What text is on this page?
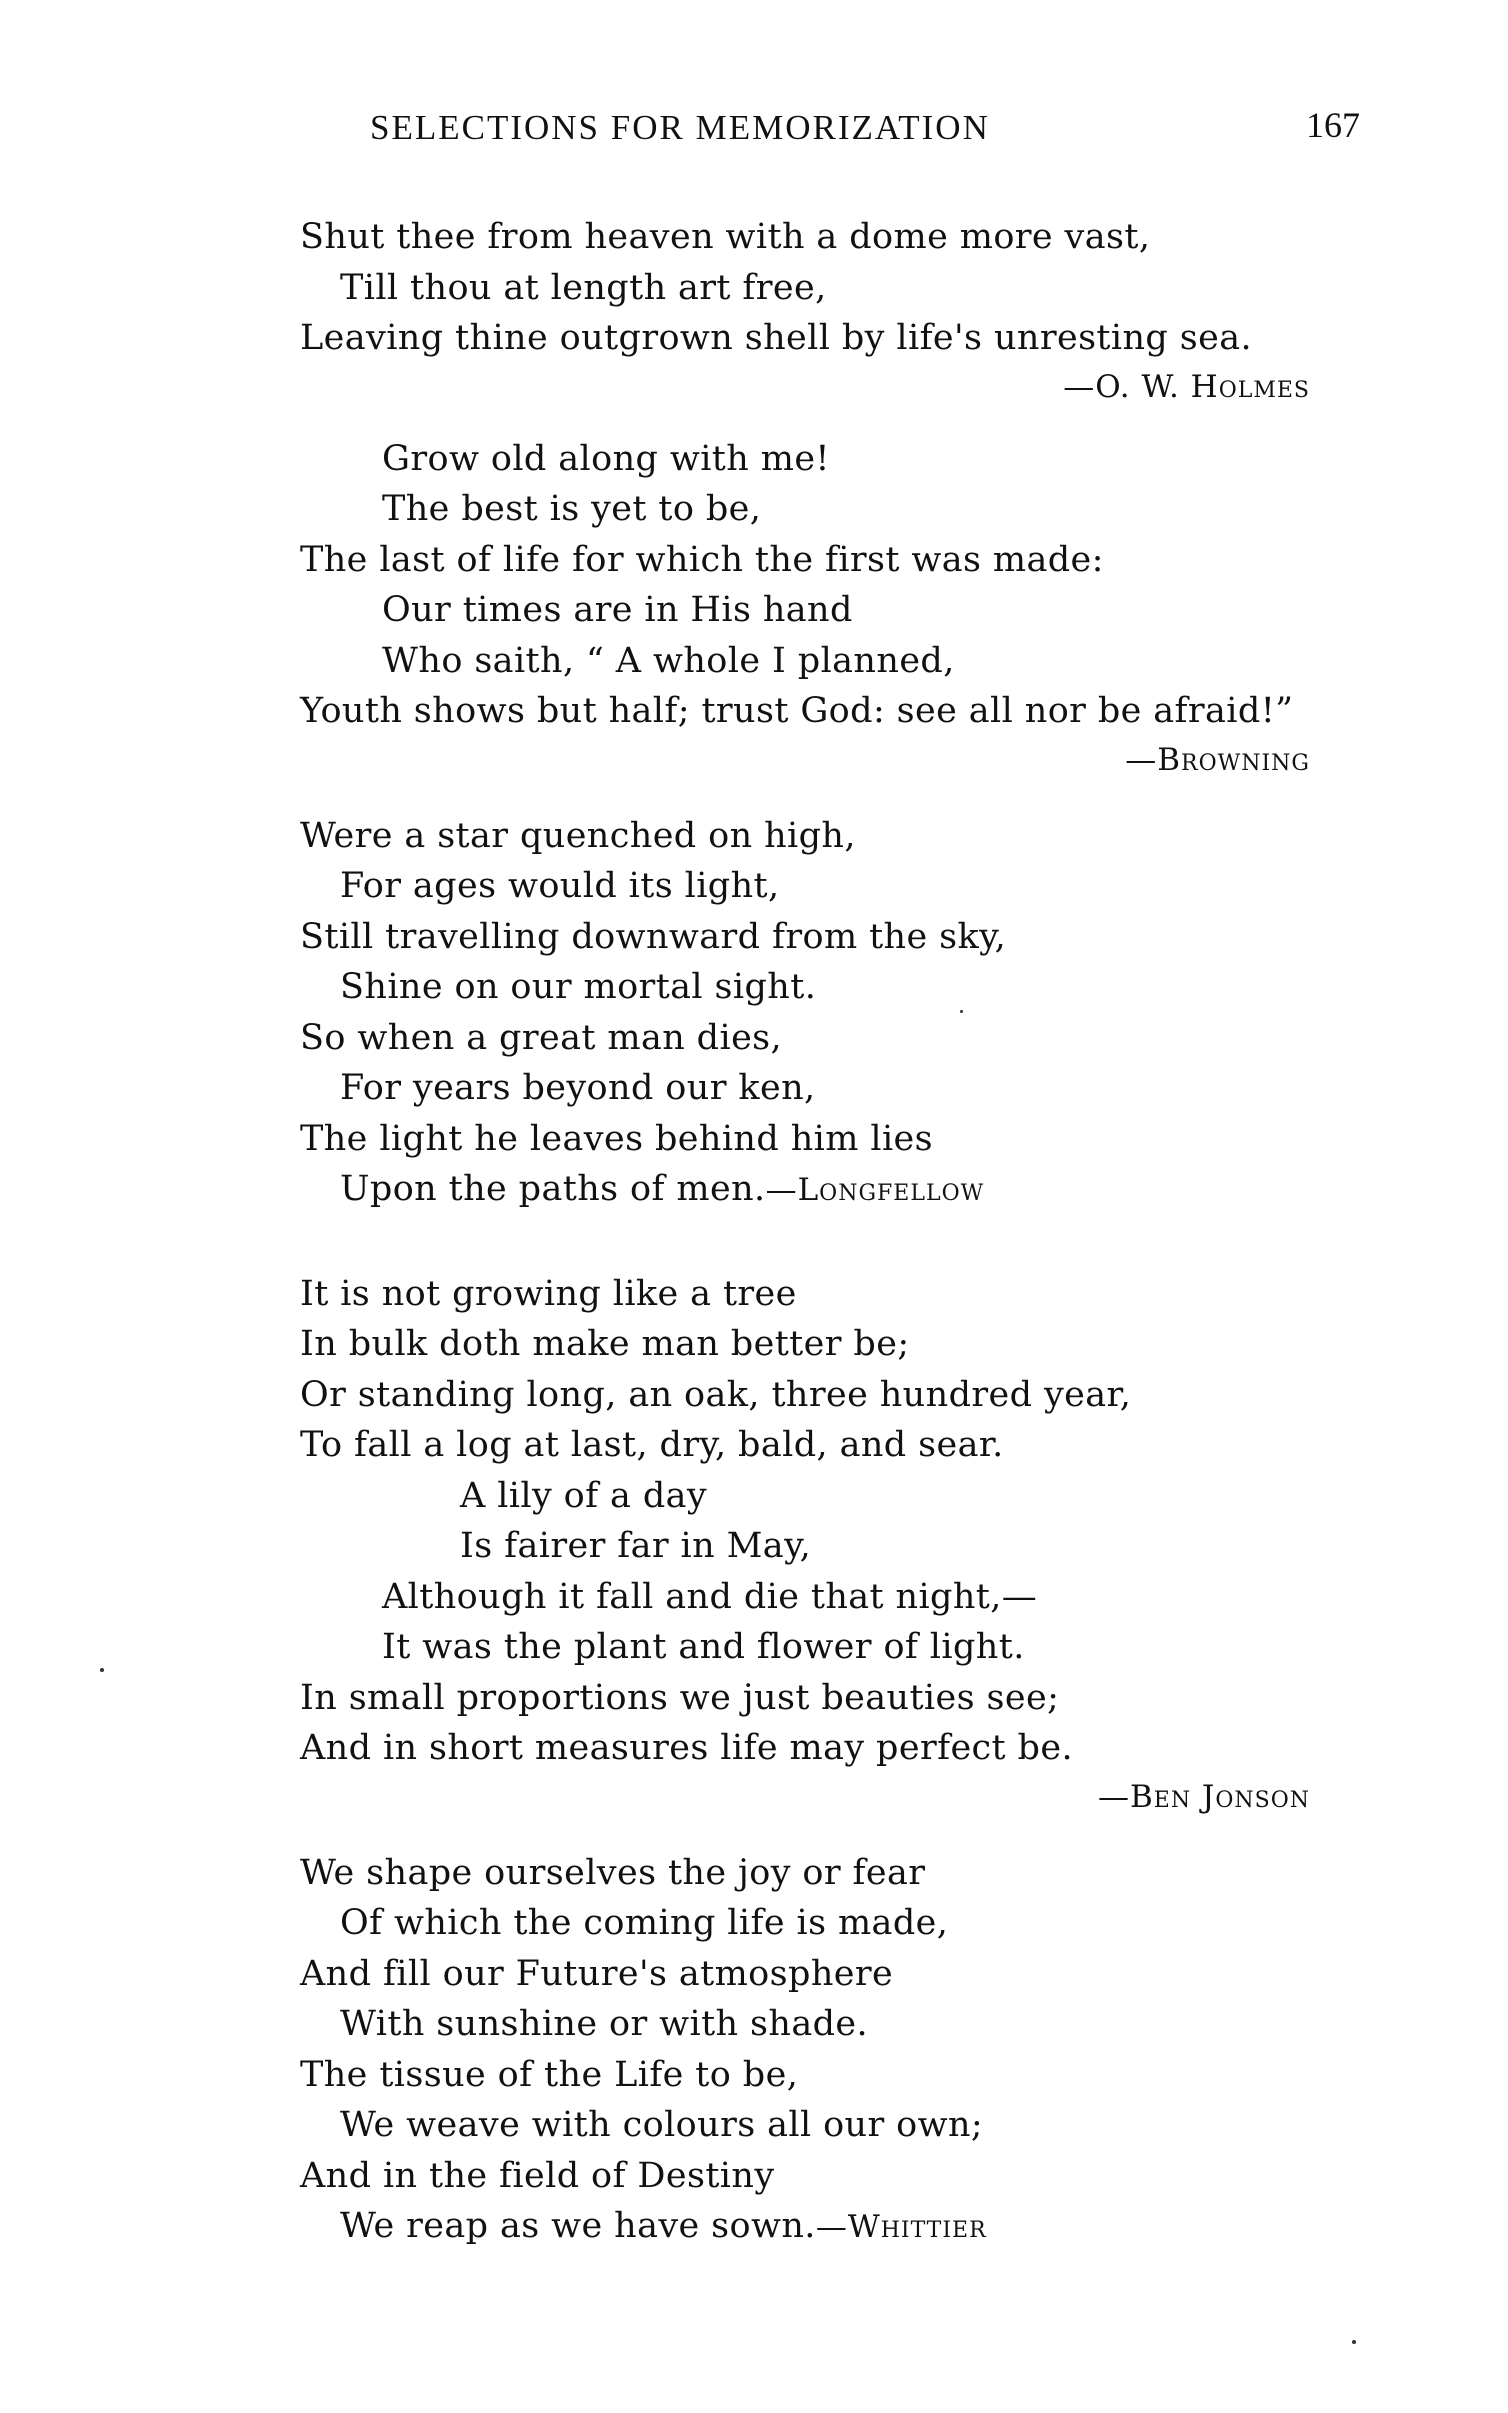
SELECTIONS FOR MEMORIZATION	167
Shut thee from heaven with a dome more vast,
Till thou at length art free,
Leaving thine outgrown shell by life's unresting sea.
—O. W. Holmes
Grow old along with me!
The best is yet to be,
The last of life for which the first was made:
Our times are in His hand
Who saith, “ A whole I planned,
Youth shows but half; trust God: see all nor be afraid!”
—Browning
Were a star quenched on high,
For ages would its light,
Still travelling downward from the sky,
Shine on our mortal sight.
So when a great man dies,
For years beyond our ken,
The light he leaves behind him lies
Upon the paths of men.—Longfellow
It is not growing like a tree
In bulk doth make man better be;
Or standing long, an oak, three hundred year,
To fall a log at last, dry, bald, and sear.
A lily of a day
Is fairer far in May,
Although it fall and die that night,—
It was the plant and flower of light.
In small proportions we just beauties see;
And in short measures life may perfect be.
—Ben Jonson
We shape ourselves the joy or fear
Of which the coming life is made,
And fill our Future's atmosphere
With sunshine or with shade.
The tissue of the Life to be,
We weave with colours all our own;
And in the field of Destiny
We reap as we have sown.—Whittier
